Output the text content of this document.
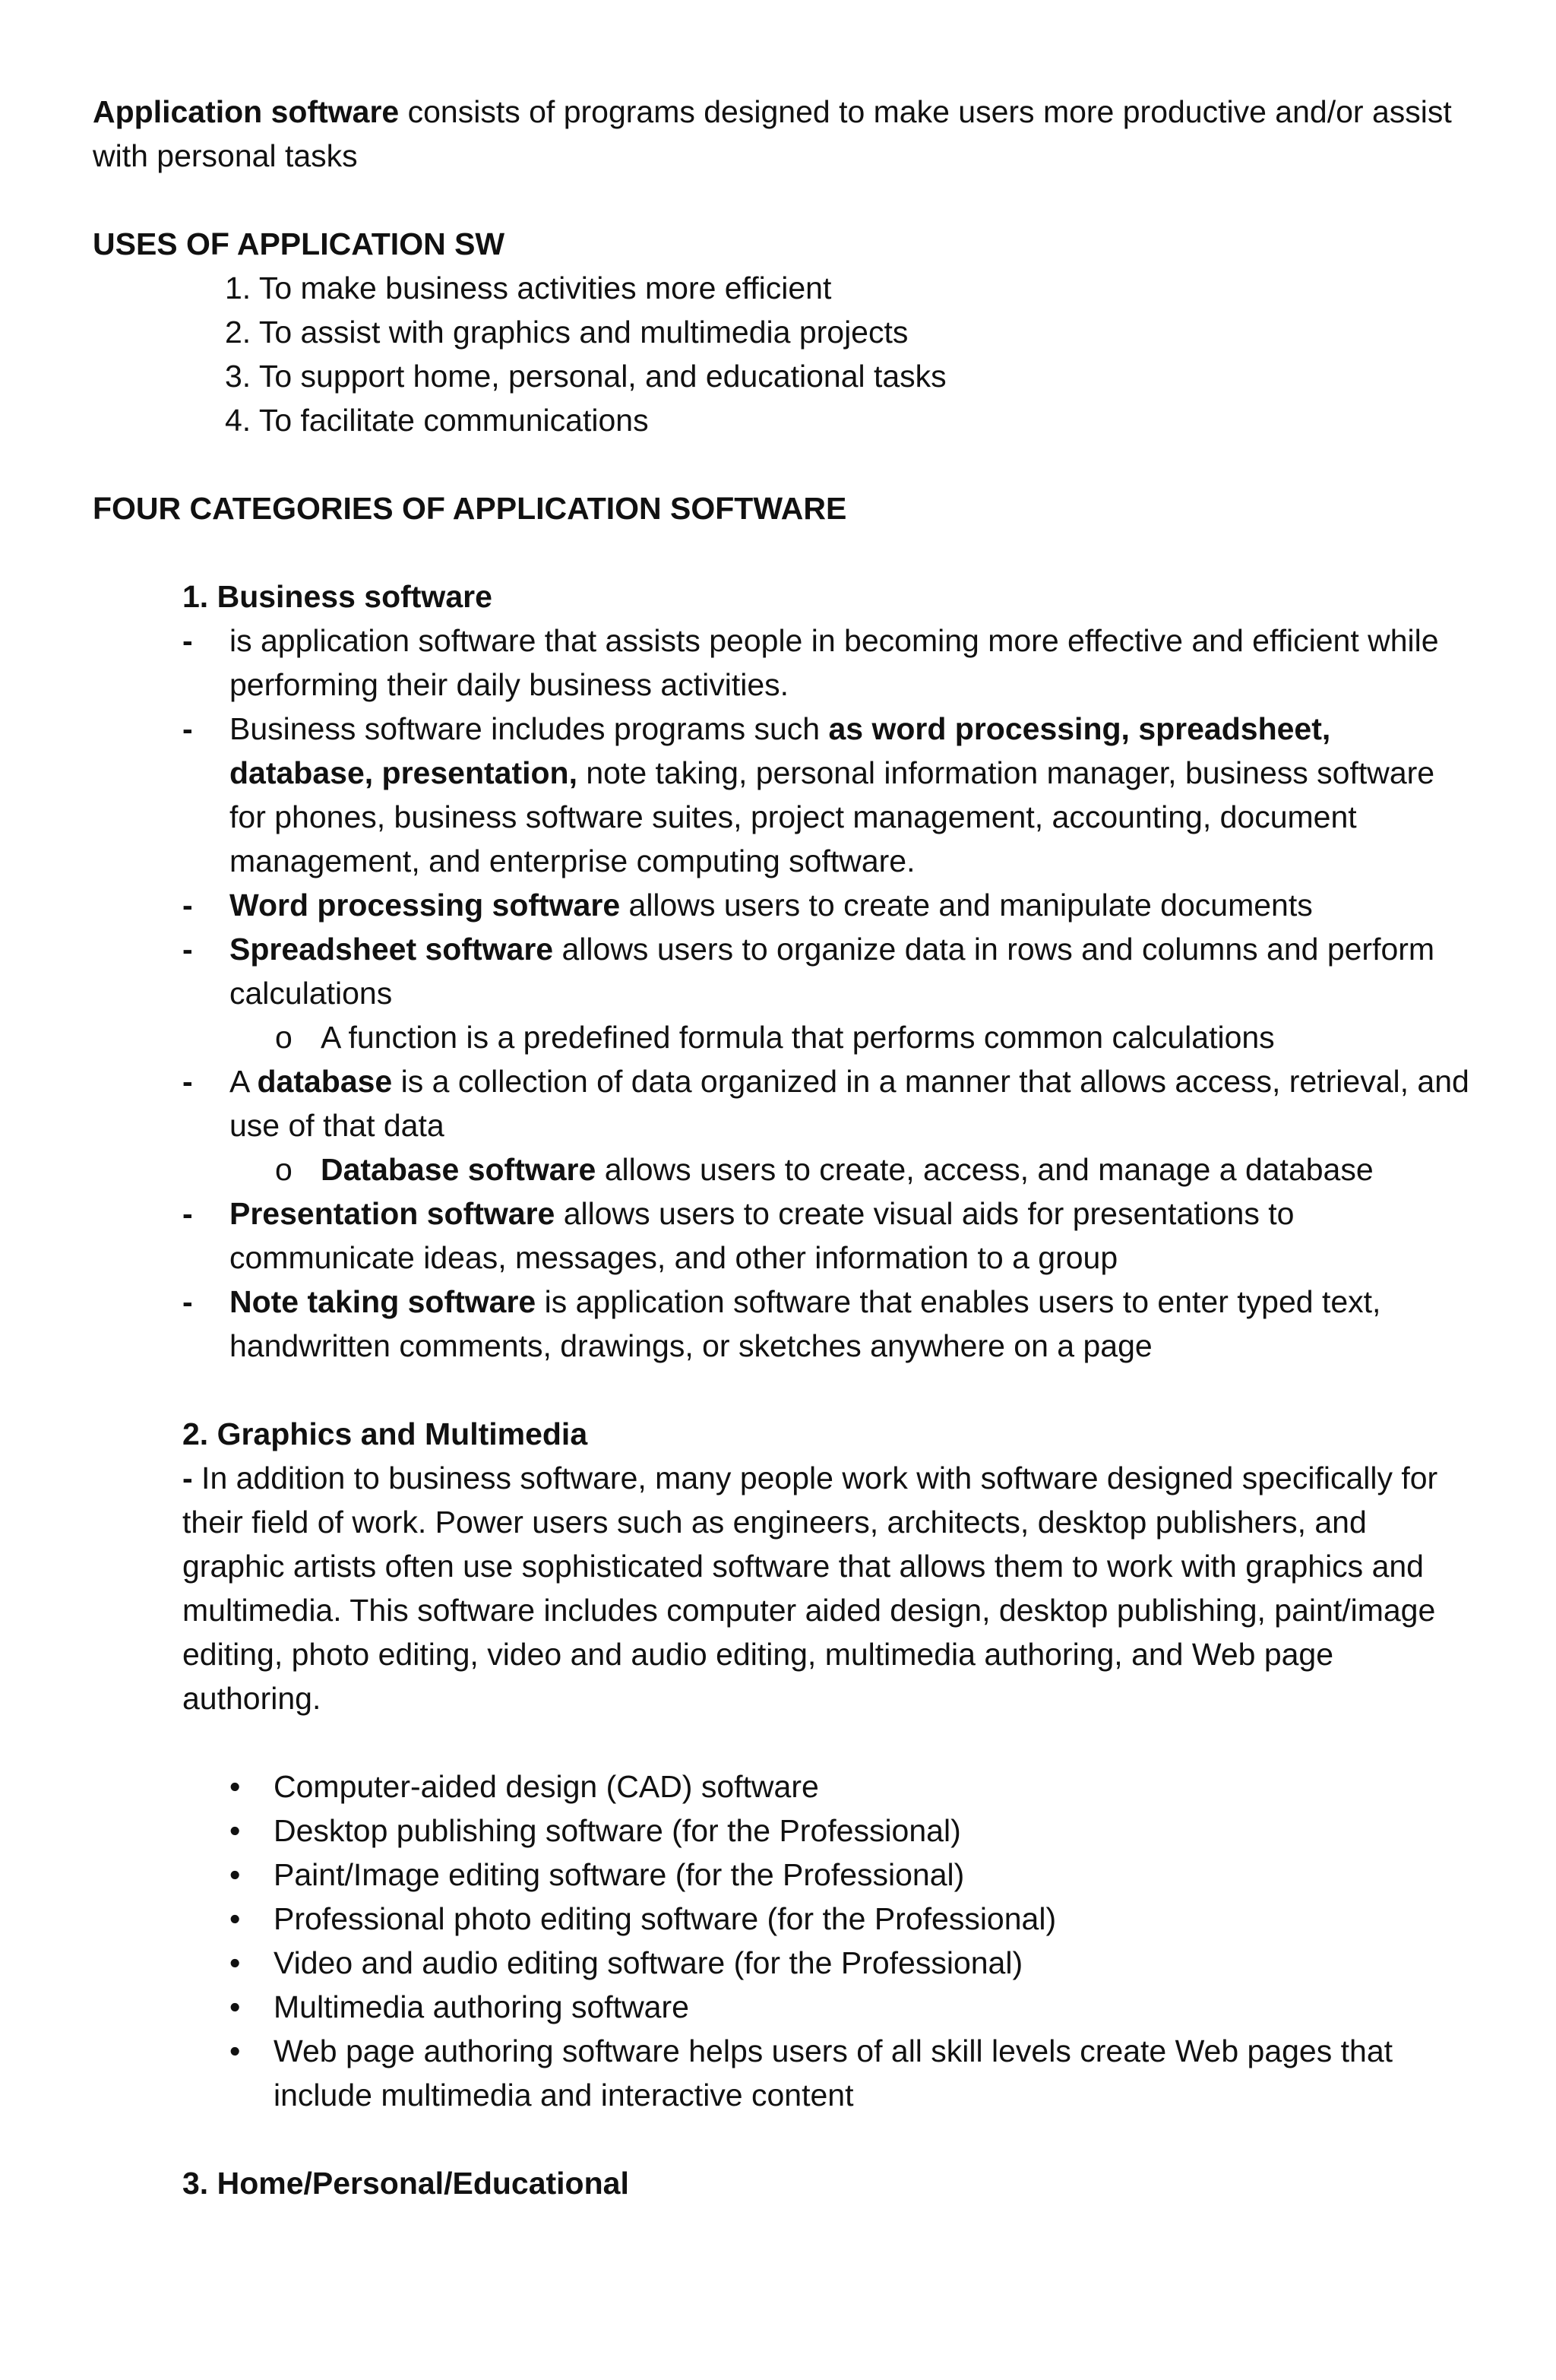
Application software consists of programs designed to make users more productive and/or assist with personal tasks

USES OF APPLICATION SW
1. To make business activities more efficient
2. To assist with graphics and multimedia projects
3. To support home, personal, and educational tasks
4. To facilitate communications
FOUR CATEGORIES OF APPLICATION SOFTWARE
1. Business software
- is application software that assists people in becoming more effective and efficient while performing their daily business activities.
- Business software includes programs such as word processing, spreadsheet, database, presentation, note taking, personal information manager, business software for phones, business software suites, project management, accounting, document management, and enterprise computing software.
- Word processing software allows users to create and manipulate documents
- Spreadsheet software allows users to organize data in rows and columns and perform calculations
o A function is a predefined formula that performs common calculations
- A database is a collection of data organized in a manner that allows access, retrieval, and use of that data
o Database software allows users to create, access, and manage a database
- Presentation software allows users to create visual aids for presentations to communicate ideas, messages, and other information to a group
- Note taking software is application software that enables users to enter typed text, handwritten comments, drawings, or sketches anywhere on a page
2. Graphics and Multimedia
- In addition to business software, many people work with software designed specifically for their field of work. Power users such as engineers, architects, desktop publishers, and graphic artists often use sophisticated software that allows them to work with graphics and multimedia. This software includes computer aided design, desktop publishing, paint/image editing, photo editing, video and audio editing, multimedia authoring, and Web page authoring.
• Computer-aided design (CAD) software
• Desktop publishing software (for the Professional)
• Paint/Image editing software (for the Professional)
• Professional photo editing software (for the Professional)
• Video and audio editing software (for the Professional)
• Multimedia authoring software
• Web page authoring software helps users of all skill levels create Web pages that include multimedia and interactive content
3. Home/Personal/Educational
